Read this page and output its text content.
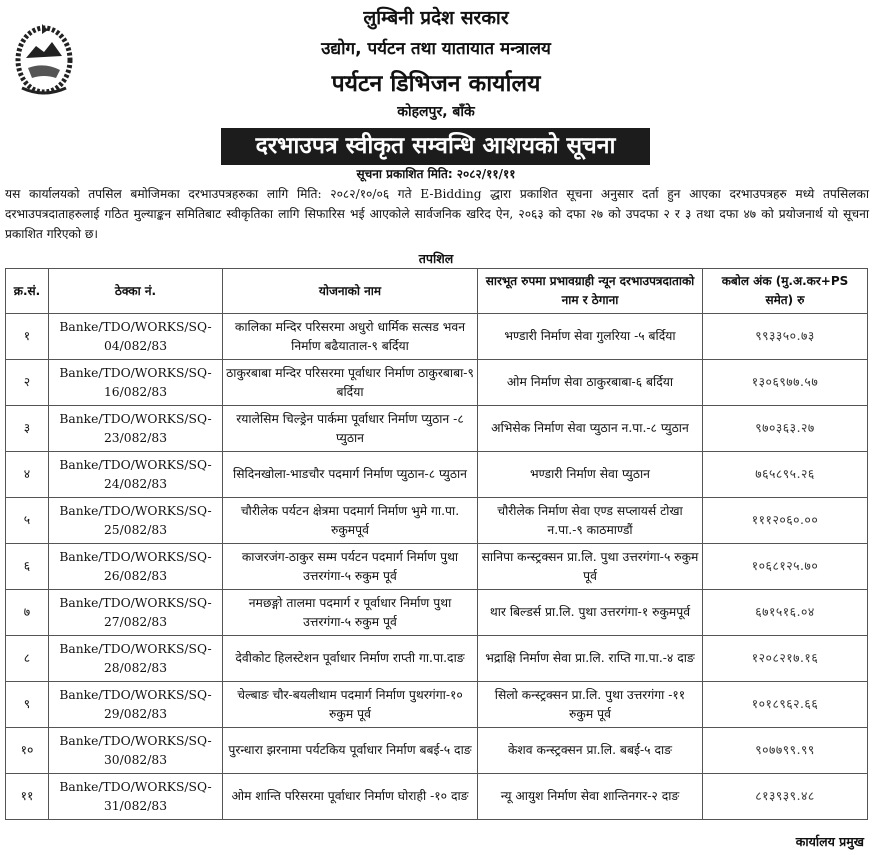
लुम्बिनी प्रदेश सरकार
उद्योग, पर्यटन तथा यातायात मन्त्रालय
पर्यटन डिभिजन कार्यालय
कोहलपुर, बाँके
दरभाउपत्र स्वीकृत सम्वन्धि आशयको सूचना
सूचना प्रकाशित मिति: २०८२/११/११
यस कार्यालयको तपसिल बमोजिमका दरभाउपत्रहरुका लागि मिति: २०८२/१०/०६ गते E-Bidding द्धारा प्रकाशित सूचना अनुसार दर्ता हुन आएका दरभाउपत्रहरु मध्ये तपसिलका दरभाउपत्रदाताहरुलाई गठित मुल्याङ्कन समितिबाट स्वीकृतिका लागि सिफारिस भई आएकोले सार्वजनिक खरिद ऐन, २०६३ को दफा २७ को उपदफा २ र ३ तथा दफा ४७ को प्रयोजनार्थ यो सूचना प्रकाशित गरिएको छ।
तपशिल
क्र.सं.	ठेक्का नं.	योजनाको नाम	सारभूत रुपमा प्रभावग्राही न्यून दरभाउपत्रदाताको नाम र ठेगाना	कबोल अंक (मु.अ.कर+PS समेत) रु
१	Banke/TDO/WORKS/SQ-04/082/83	कालिका मन्दिर परिसरमा अधुरो धार्मिक सत्सड भवन निर्माण बढैयाताल-९ बर्दिया	भण्डारी निर्माण सेवा गुलरिया -५ बर्दिया	९९३३५०.७३
२	Banke/TDO/WORKS/SQ-16/082/83	ठाकुरबाबा मन्दिर परिसरमा पूर्वाधार निर्माण ठाकुरबाबा-९ बर्दिया	ओम निर्माण सेवा ठाकुरबाबा-६ बर्दिया	१३०६९७७.५७
३	Banke/TDO/WORKS/SQ-23/082/83	रयालेसिम चिल्ड्रेन पार्कमा पूर्वाधार निर्माण प्युठान -८ प्युठान	अभिसेक निर्माण सेवा प्युठान न.पा.-८ प्युठान	९७०३६३.२७
४	Banke/TDO/WORKS/SQ-24/082/83	सिदिनखोला-भाडचौर पदमार्ग निर्माण प्युठान-८ प्युठान	भण्डारी निर्माण सेवा प्युठान	७६५८९५.२६
५	Banke/TDO/WORKS/SQ-25/082/83	चौरीलेक पर्यटन क्षेत्रमा पदमार्ग निर्माण भुमे गा.पा. रुकुमपूर्व	चौरीलेक निर्माण सेवा एण्ड सप्लायर्स टोखा न.पा.-९ काठमाण्डौं	१११२०६०.००
६	Banke/TDO/WORKS/SQ-26/082/83	काजरजंग-ठाकुर सम्म पर्यटन पदमार्ग निर्माण पुथा उत्तरगंगा-५ रुकुम पूर्व	सानिपा कन्स्ट्रक्सन प्रा.लि. पुथा उत्तरगंगा-५ रुकुम पूर्व	१०६८१२५.७०
७	Banke/TDO/WORKS/SQ-27/082/83	नमछङ्गो तालमा पदमार्ग र पूर्वाधार निर्माण पुथा उत्तरगंगा-५ रुकुम पूर्व	थार बिल्डर्स प्रा.लि. पुथा उत्तरगंगा-१ रुकुमपूर्व	६७१५१६.०४
८	Banke/TDO/WORKS/SQ-28/082/83	देवीकोट हिलस्टेशन पूर्वाधार निर्माण राप्ती गा.पा.दाङ	भद्राक्षि निर्माण सेवा प्रा.लि. राप्ति गा.पा.-४ दाङ	१२०८२१७.१६
९	Banke/TDO/WORKS/SQ-29/082/83	चेल्बाङ चौर-बयलीथाम पदमार्ग निर्माण पुथरगंगा-१० रुकुम पूर्व	सिलो कन्स्ट्रक्सन प्रा.लि. पुथा उत्तरगंगा -११ रुकुम पूर्व	१०१८९६२.६६
१०	Banke/TDO/WORKS/SQ-30/082/83	पुरन्धारा झरनामा पर्यटकिय पूर्वाधार निर्माण बबई-५ दाङ	केशव कन्स्ट्रक्सन प्रा.लि. बबई-५ दाङ	९०७७९९.९९
११	Banke/TDO/WORKS/SQ-31/082/83	ओम शान्ति परिसरमा पूर्वाधार निर्माण घोराही -१० दाङ	न्यू आयुश निर्माण सेवा शान्तिनगर-२ दाङ	८१३९३९.४८
कार्यालय प्रमुख
